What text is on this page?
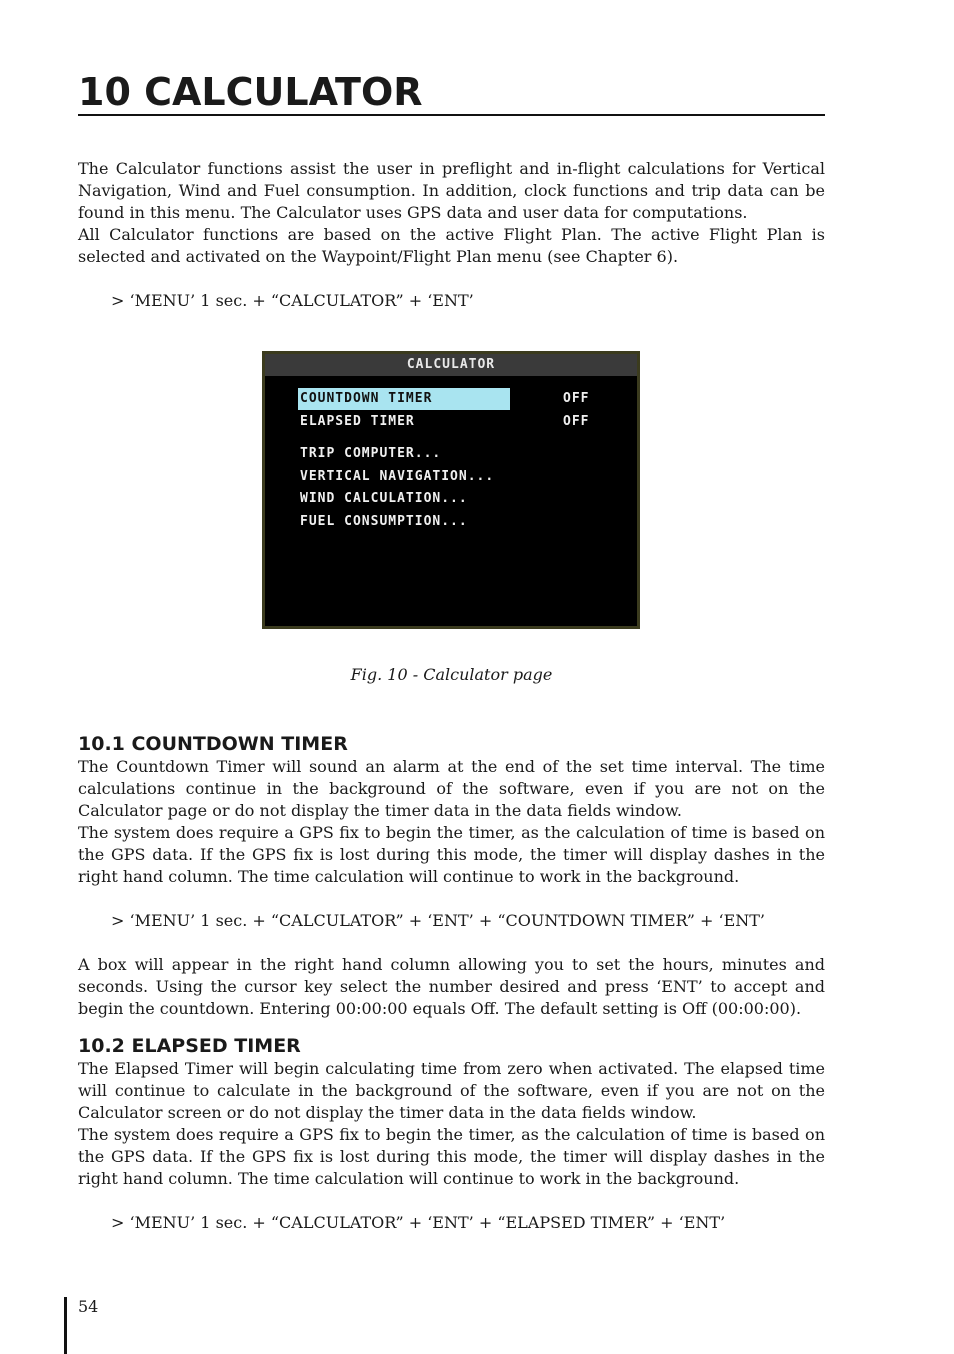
10 CALCULATOR

The Calculator functions assist the user in preflight and in-flight calculations for Vertical Navigation, Wind and Fuel consumption. In addition, clock functions and trip data can be found in this menu. The Calculator uses GPS data and user data for computations.

All Calculator functions are based on the active Flight Plan. The active Flight Plan is selected and activated on the Waypoint/Flight Plan menu (see Chapter 6).

> ‘MENU’ 1 sec. + “CALCULATOR” + ‘ENT’

CALCULATOR
COUNTDOWN TIMER	OFF
ELAPSED TIMER	OFF
TRIP COMPUTER...
VERTICAL NAVIGATION...
WIND CALCULATION...
FUEL CONSUMPTION...

Fig. 10 - Calculator page

10.1 COUNTDOWN TIMER

The Countdown Timer will sound an alarm at the end of the set time interval. The time calculations continue in the background of the software, even if you are not on the Calculator page or do not display the timer data in the data fields window.

The system does require a GPS fix to begin the timer, as the calculation of time is based on the GPS data. If the GPS fix is lost during this mode, the timer will display dashes in the right hand column. The time calculation will continue to work in the background.

> ‘MENU’ 1 sec. + “CALCULATOR” + ‘ENT’ + “COUNTDOWN TIMER” + ‘ENT’

A box will appear in the right hand column allowing you to set the hours, minutes and seconds. Using the cursor key select the number desired and press ‘ENT’ to accept and begin the countdown. Entering 00:00:00 equals Off. The default setting is Off (00:00:00).

10.2 ELAPSED TIMER

The Elapsed Timer will begin calculating time from zero when activated. The elapsed time will continue to calculate in the background of the software, even if you are not on the Calculator screen or do not display the timer data in the data fields window.

The system does require a GPS fix to begin the timer, as the calculation of time is based on the GPS data. If the GPS fix is lost during this mode, the timer will display dashes in the right hand column. The time calculation will continue to work in the background.

> ‘MENU’ 1 sec. + “CALCULATOR” + ‘ENT’ + “ELAPSED TIMER” + ‘ENT’

54
